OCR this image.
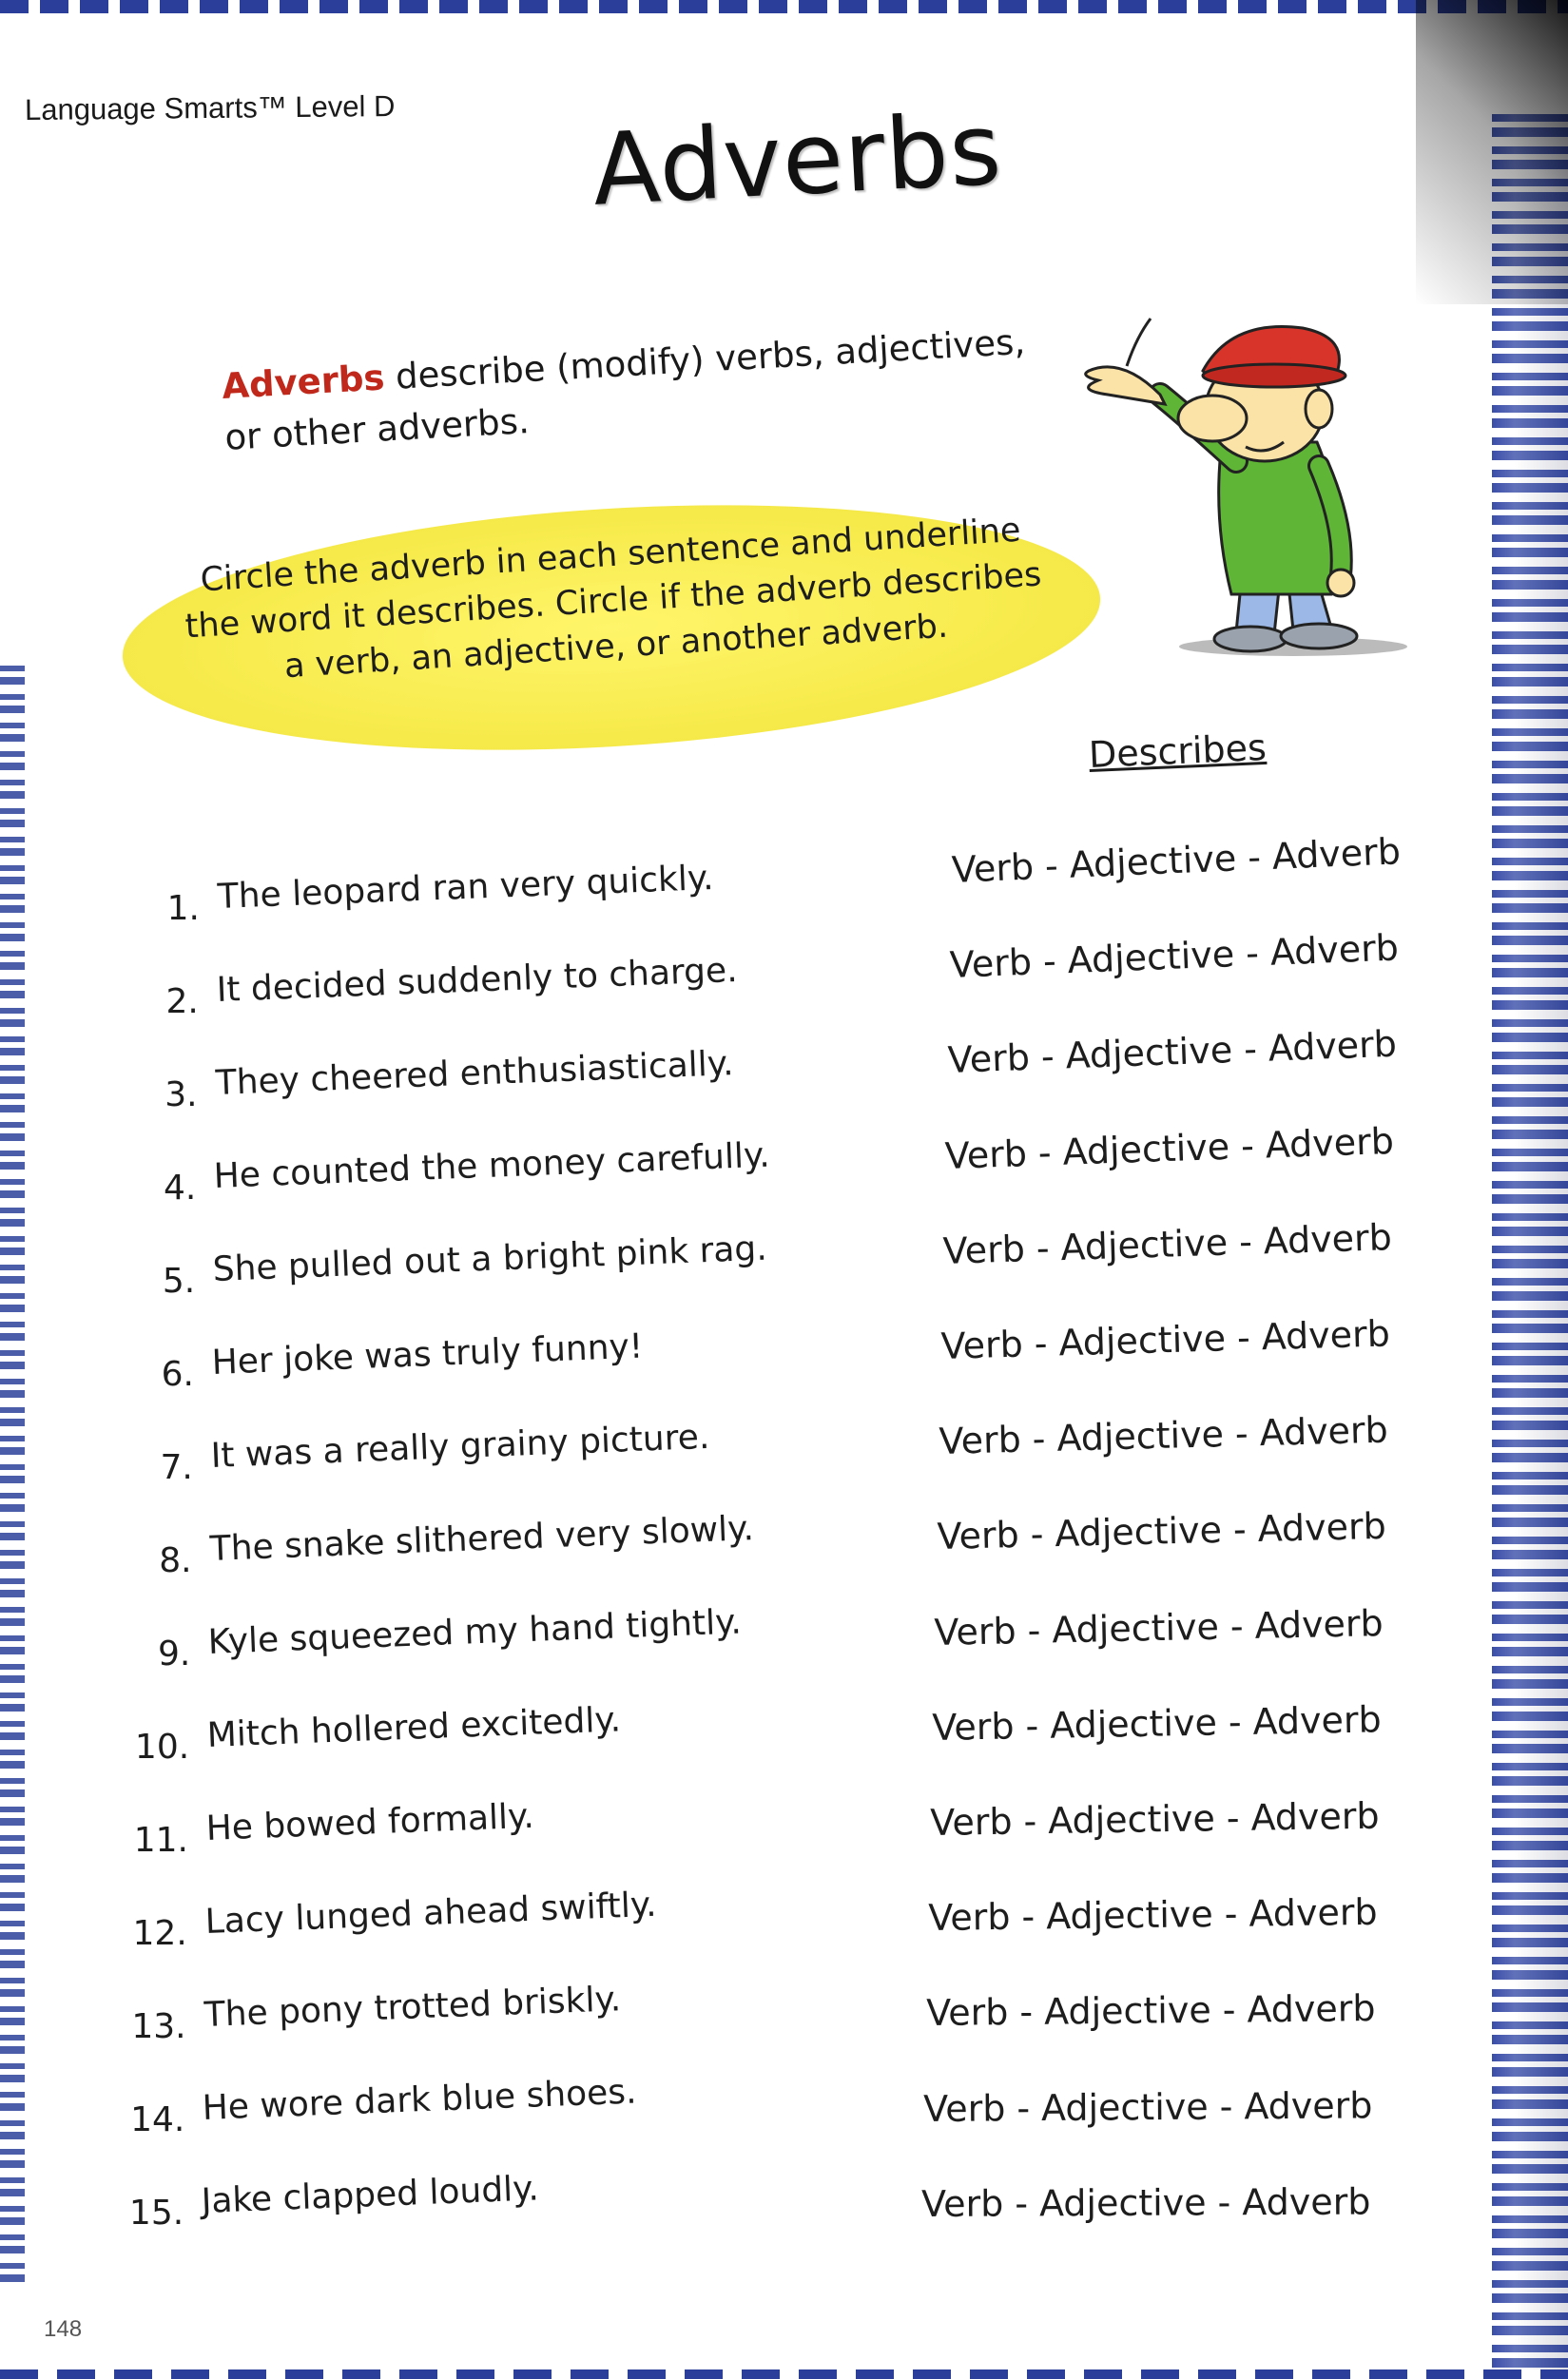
Language Smarts™ Level D Adverbs
Adverbs describe (modify) verbs, adjectives, or other adverbs.
Circle the adverb in each sentence and underline the word it describes. Circle if the adverb describes a verb, an adjective, or another adverb.
Describes
1. The leopard ran very quickly.	Verb - Adjective - Adverb
2. It decided suddenly to charge.	Verb - Adjective - Adverb
3. They cheered enthusiastically.	Verb - Adjective - Adverb
4. He counted the money carefully.	Verb - Adjective - Adverb
5. She pulled out a bright pink rag.	Verb - Adjective - Adverb
6. Her joke was truly funny!	Verb - Adjective - Adverb
7. It was a really grainy picture.	Verb - Adjective - Adverb
8. The snake slithered very slowly.	Verb - Adjective - Adverb
9. Kyle squeezed my hand tightly.	Verb - Adjective - Adverb
10. Mitch hollered excitedly.	Verb - Adjective - Adverb
11. He bowed formally.	Verb - Adjective - Adverb
12. Lacy lunged ahead swiftly.	Verb - Adjective - Adverb
13. The pony trotted briskly.	Verb - Adjective - Adverb
14. He wore dark blue shoes.	Verb - Adjective - Adverb
15. Jake clapped loudly.	Verb - Adjective - Adverb
148
